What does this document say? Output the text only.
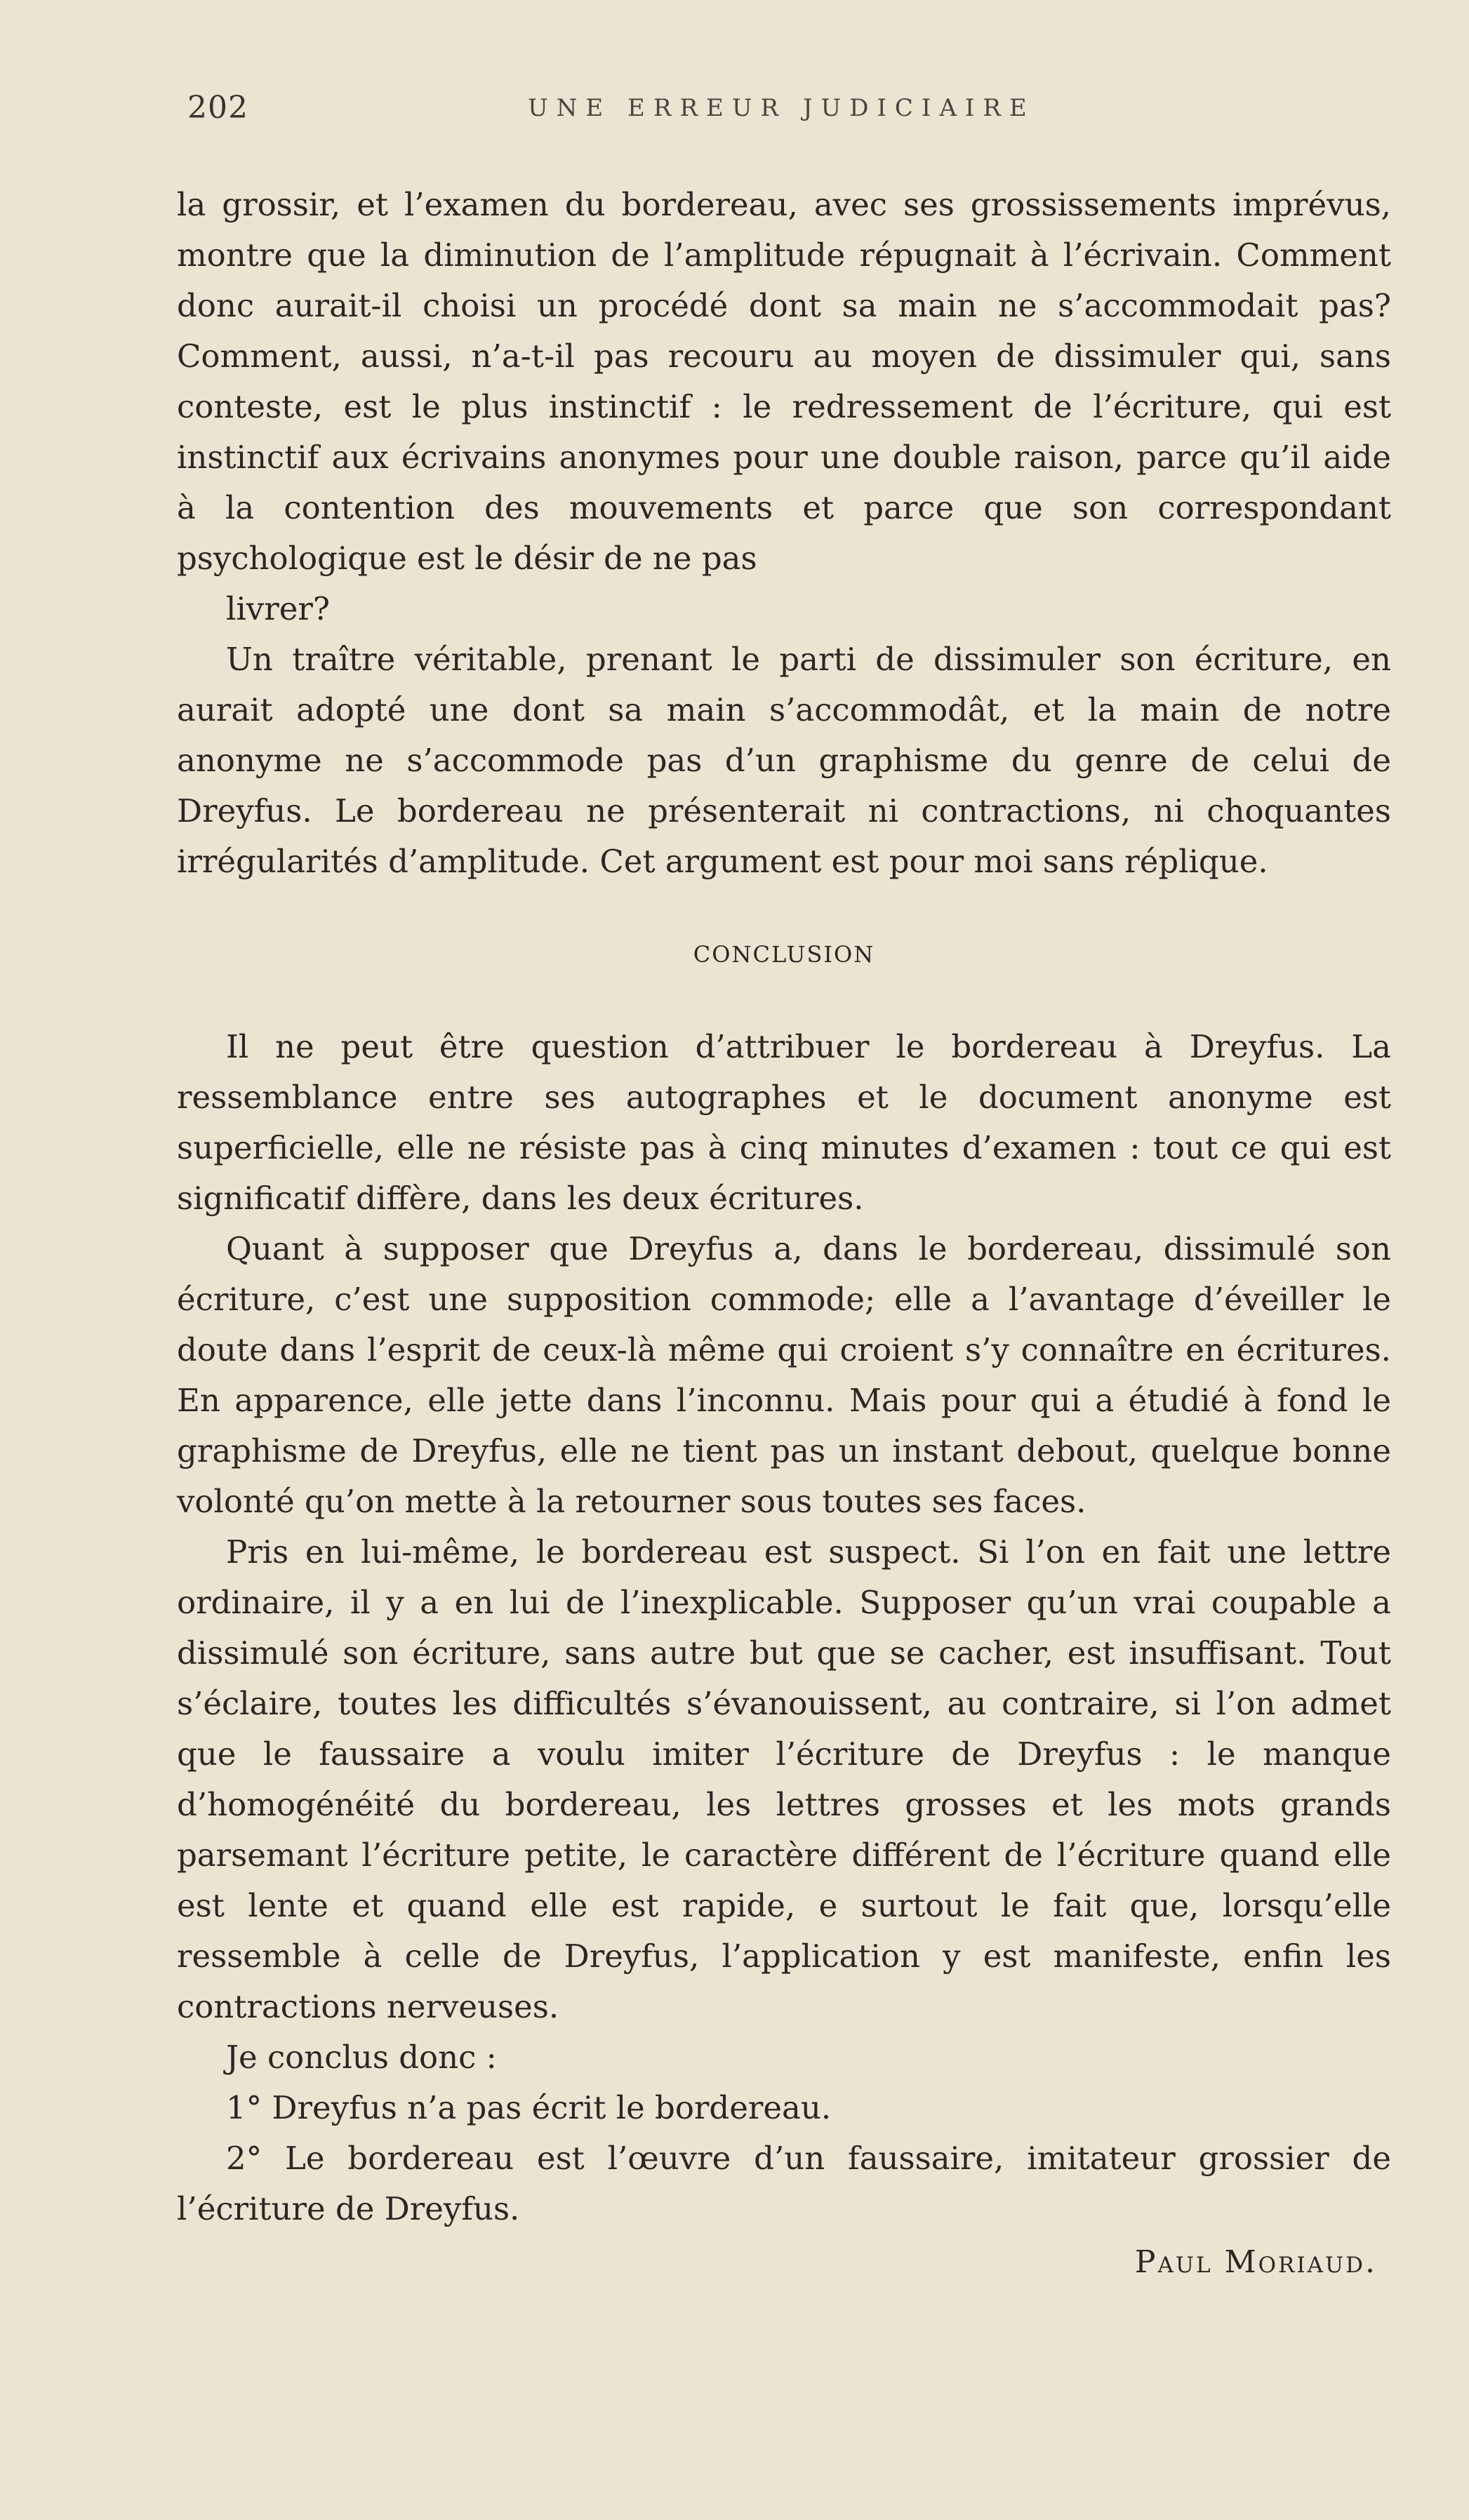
202	UNE ERREUR JUDICIAIRE

la grossir, et l’examen du bordereau, avec ses grossissements imprévus, montre que la diminution de l’amplitude répugnait à l’écrivain. Comment donc aurait-il choisi un procédé dont sa main ne s’accommodait pas? Comment, aussi, n’a-t-il pas recouru au moyen de dissimuler qui, sans conteste, est le plus instinctif : le redressement de l’écriture, qui est instinctif aux écrivains anonymes pour une double raison, parce qu’il aide à la contention des mouvements et parce que son correspondant psychologique est le désir de ne pas

livrer?

Un traître véritable, prenant le parti de dissimuler son écriture, en aurait adopté une dont sa main s’accommodât, et la main de notre anonyme ne s’accommode pas d’un graphisme du genre de celui de Dreyfus. Le bordereau ne présenterait ni contractions, ni choquantes irrégularités d’amplitude. Cet argument est pour moi sans réplique.

CONCLUSION

Il ne peut être question d’attribuer le bordereau à Dreyfus. La ressemblance entre ses autographes et le document anonyme est superficielle, elle ne résiste pas à cinq minutes d’examen : tout ce qui est significatif diffère, dans les deux écritures.

Quant à supposer que Dreyfus a, dans le bordereau, dissimulé son écriture, c’est une supposition commode; elle a l’avantage d’éveiller le doute dans l’esprit de ceux-là même qui croient s’y connaître en écritures. En apparence, elle jette dans l’inconnu. Mais pour qui a étudié à fond le graphisme de Dreyfus, elle ne tient pas un instant debout, quelque bonne volonté qu’on mette à la retourner sous toutes ses faces.

Pris en lui-même, le bordereau est suspect. Si l’on en fait une lettre ordinaire, il y a en lui de l’inexplicable. Supposer qu’un vrai coupable a dissimulé son écriture, sans autre but que se cacher, est insuffisant. Tout s’éclaire, toutes les difficultés s’évanouissent, au contraire, si l’on admet que le faussaire a voulu imiter l’écriture de Dreyfus : le manque d’homogénéité du bordereau, les lettres grosses et les mots grands parsemant l’écriture petite, le caractère différent de l’écriture quand elle est lente et quand elle est rapide, e surtout le fait que, lorsqu’elle ressemble à celle de Dreyfus, l’application y est manifeste, enfin les contractions nerveuses.

Je conclus donc :

1° Dreyfus n’a pas écrit le bordereau.

2° Le bordereau est l’œuvre d’un faussaire, imitateur grossier de l’écriture de Dreyfus.

Paul Moriaud.
